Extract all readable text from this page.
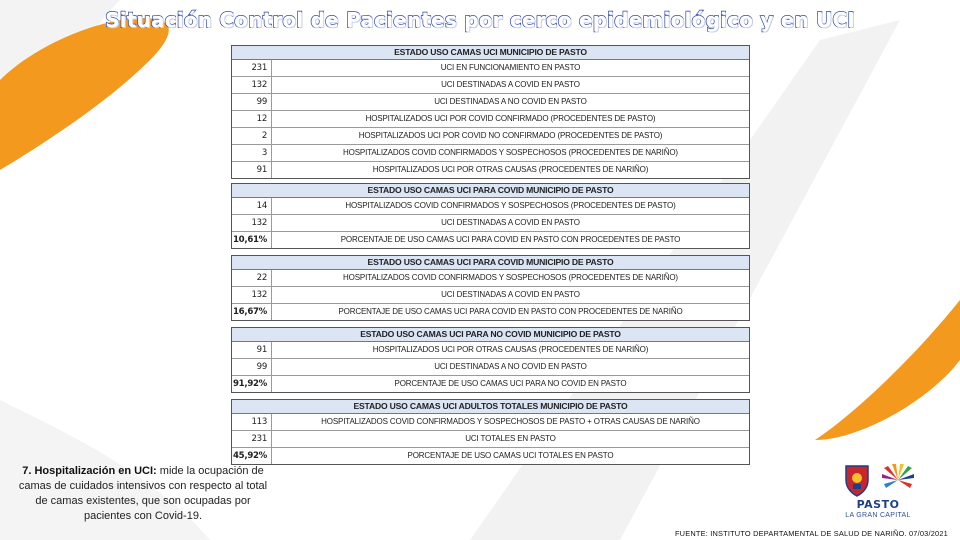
Situación Control de Pacientes por cerco epidemiológico y en UCI
ESTADO USO CAMAS UCI MUNICIPIO DE PASTO
231	UCI EN FUNCIONAMIENTO EN PASTO
132	UCI DESTINADAS A COVID EN PASTO
99	UCI DESTINADAS A NO COVID EN PASTO
12	HOSPITALIZADOS UCI POR COVID CONFIRMADO (PROCEDENTES DE PASTO)
2	HOSPITALIZADOS UCI POR COVID NO CONFIRMADO (PROCEDENTES DE PASTO)
3	HOSPITALIZADOS COVID CONFIRMADOS Y SOSPECHOSOS (PROCEDENTES DE NARIÑO)
91	HOSPITALIZADOS UCI POR OTRAS CAUSAS (PROCEDENTES DE NARIÑO)
ESTADO USO CAMAS UCI PARA COVID MUNICIPIO DE PASTO
14	HOSPITALIZADOS COVID CONFIRMADOS Y SOSPECHOSOS (PROCEDENTES DE PASTO)
132	UCI DESTINADAS A COVID EN PASTO
10,61%	PORCENTAJE DE USO CAMAS UCI PARA COVID EN PASTO CON PROCEDENTES DE PASTO
ESTADO USO CAMAS UCI PARA COVID MUNICIPIO DE PASTO
22	HOSPITALIZADOS COVID CONFIRMADOS Y SOSPECHOSOS (PROCEDENTES DE NARIÑO)
132	UCI DESTINADAS A COVID EN PASTO
16,67%	PORCENTAJE DE USO CAMAS UCI PARA COVID EN PASTO CON PROCEDENTES DE NARIÑO
ESTADO USO CAMAS UCI PARA NO COVID MUNICIPIO DE PASTO
91	HOSPITALIZADOS UCI POR OTRAS CAUSAS (PROCEDENTES DE NARIÑO)
99	UCI DESTINADAS A NO COVID EN PASTO
91,92%	PORCENTAJE DE USO CAMAS UCI PARA NO COVID EN PASTO
ESTADO USO CAMAS UCI ADULTOS TOTALES MUNICIPIO DE PASTO
113	HOSPITALIZADOS COVID CONFIRMADOS Y SOSPECHOSOS DE PASTO + OTRAS CAUSAS DE NARIÑO
231	UCI TOTALES EN PASTO
45,92%	PORCENTAJE DE USO CAMAS UCI TOTALES EN PASTO
7. Hospitalización en UCI: mide la ocupación de camas de cuidados intensivos con respecto al total de camas existentes, que son ocupadas por pacientes con Covid-19.
PASTO
LA GRAN CAPITAL
FUENTE: INSTITUTO DEPARTAMENTAL DE SALUD DE NARIÑO. 07/03/2021
